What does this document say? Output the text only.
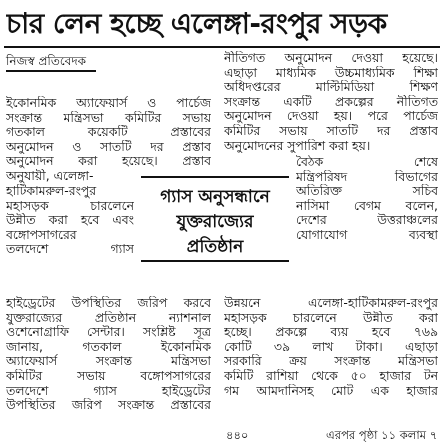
চার লেন হচ্ছে এলেঙ্গা-রংপুর সড়ক
নিজস্ব প্রতিবেদক

ইকোনমিক অ্যাফেয়ার্স ও পার্চেজ

সংক্রান্ত মন্ত্রিসভা কমিটির সভায়

গতকাল কয়েকটি প্রস্তাবের

অনুমোদন ও সাতটি দর প্রস্তাব

অনুমোদন করা হয়েছে। প্রস্তাব

অনুযায়ী, এলেঙ্গা-

হাটিকামরুল-রংপুর

মহাসড়ক চারলেনে

উন্নীত করা হবে এবং

বঙ্গোপসাগরের

তলদেশে গ্যাস

হাইড্রেটের উপস্থিতির জরিপ করবে

যুক্তরাজ্যের প্রতিষ্ঠান ন্যাশনাল

ওশেনোগ্রাফি সেন্টার। সংশ্লিষ্ট সূত্র

জানায়, গতকাল ইকোনমিক

অ্যাফেয়ার্স সংক্রান্ত মন্ত্রিসভা

কমিটির সভায় বঙ্গোপসাগরের

তলদেশে গ্যাস হাইড্রেটের

উপস্থিতির জরিপ সংক্রান্ত প্রস্তাবের

নীতিগত অনুমোদন দেওয়া হয়েছে।

এছাড়া মাধ্যমিক উচ্চমাধ্যমিক শিক্ষা

অধিদপ্তরের মাল্টিমিডিয়া শিক্ষণ

সংক্রান্ত একটি প্রকল্পের নীতিগত

অনুমোদন দেওয়া হয়। পরে পার্চেজ

কমিটির সভায় সাতটি দর প্রস্তাব

অনুমোদনের সুপারিশ করা হয়।

বৈঠক শেষে

মন্ত্রিপরিষদ বিভাগের

অতিরিক্ত সচিব

নাসিমা বেগম বলেন,

দেশের উত্তরাঞ্চলের

যোগাযোগ ব্যবস্থা

উন্নয়নে এলেঙ্গা-হাটিকামরুল-রংপুর

মহাসড়ক চারলেনে উন্নীত করা

হচ্ছে। প্রকল্পে ব্যয় হবে ৭৬৯

কোটি ৩৯ লাখ টাকা। এছাড়া

সরকারি ক্রয় সংক্রান্ত মন্ত্রিসভা

কমিটি রাশিয়া থেকে ৫০ হাজার টন

গম আমদানিসহ মোট এক হাজার

৪৪০	এরপর পৃষ্ঠা ১১ কলাম ৭
গ্যাস অনুসন্ধানে
যুক্তরাজ্যের
প্রতিষ্ঠান
